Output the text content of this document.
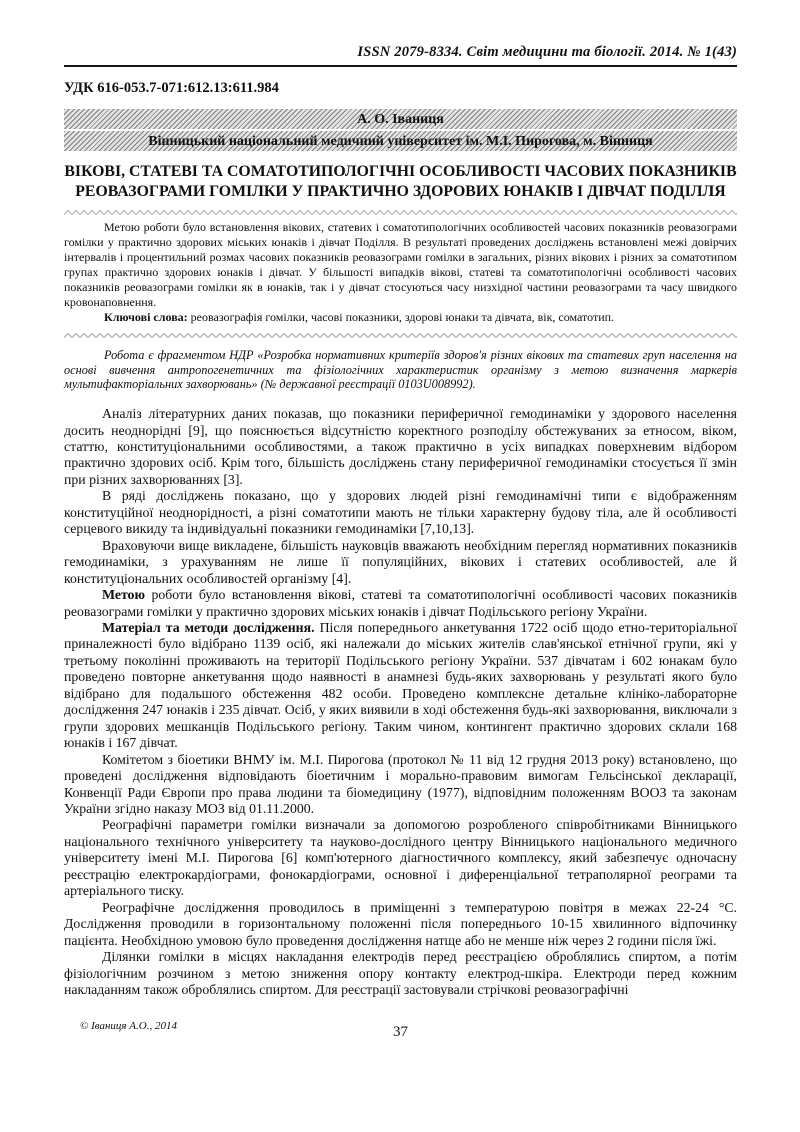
ISSN 2079-8334. Світ медицини та біології. 2014. № 1(43)
УДК 616-053.7-071:612.13:611.984
А. О. Іваниця
Вінницький національний медичний університет ім. М.І. Пирогова, м. Вінниця
ВІКОВІ, СТАТЕВІ ТА СОМАТОТИПОЛОГІЧНІ ОСОБЛИВОСТІ ЧАСОВИХ ПОКАЗНИКІВ РЕОВАЗОГРАМИ ГОМІЛКИ У ПРАКТИЧНО ЗДОРОВИХ ЮНАКІВ І ДІВЧАТ ПОДІЛЛЯ

Метою роботи було встановлення вікових, статевих і соматотипологічних особливостей часових показників реовазограми гомілки у практично здорових міських юнаків і дівчат Поділля. В результаті проведених досліджень встановлені межі довірчих інтервалів і процентильний розмах часових показників реовазограми гомілки в загальних, різних вікових і різних за соматотипом групах практично здорових юнаків і дівчат. У більшості випадків вікові, статеві та соматотипологічні особливості часових показників реовазограми гомілки як в юнаків, так і у дівчат стосуються часу низхідної частини реовазограми та часу швидкого кровонаповнення.

Ключові слова: реовазографія гомілки, часові показники, здорові юнаки та дівчата, вік, соматотип.

Робота є фрагментом НДР «Розробка нормативних критеріїв здоров'я різних вікових та статевих груп населення на основі вивчення антропогенетичних та фізіологічних характеристик організму з метою визначення маркерів мультифакторіальних захворювань» (№ державної реєстрації 0103U008992).

Аналіз літературних даних показав, що показники периферичної гемодинаміки у здорового населення досить неоднорідні [9], що пояснюється відсутністю коректного розподілу обстежуваних за етносом, віком, статтю, конституціональними особливостями, а також практично в усіх випадках поверхневим відбором практично здорових осіб. Крім того, більшість досліджень стану периферичної гемодинаміки стосується її змін при різних захворюваннях [3].

В ряді досліджень показано, що у здорових людей різні гемодинамічні типи є відображенням конституційної неоднорідності, а різні соматотипи мають не тільки характерну будову тіла, але й особливості серцевого викиду та індивідуальні показники гемодинаміки [7,10,13].

Враховуючи вище викладене, більшість науковців вважають необхідним перегляд нормативних показників гемодинаміки, з урахуванням не лише її популяційних, вікових і статевих особливостей, але й конституціональних особливостей організму [4].

Метою роботи було встановлення вікові, статеві та соматотипологічні особливості часових показників реовазограми гомілки у практично здорових міських юнаків і дівчат Подільського регіону України.

Матеріал та методи дослідження. Після попереднього анкетування 1722 осіб щодо етно-територіальної приналежності було відібрано 1139 осіб, які належали до міських жителів слав'янської етнічної групи, які у третьому поколінні проживають на території Подільського регіону України. 537 дівчатам і 602 юнакам було проведено повторне анкетування щодо наявності в анамнезі будь-яких захворювань у результаті якого було відібрано для подальшого обстеження 482 особи. Проведено комплексне детальне клініко-лабораторне дослідження 247 юнаків і 235 дівчат. Осіб, у яких виявили в ході обстеження будь-які захворювання, виключали з групи здорових мешканців Подільського регіону. Таким чином, контингент практично здорових склали 168 юнаків і 167 дівчат.

Комітетом з біоетики ВНМУ ім. М.І. Пирогова (протокол № 11 від 12 грудня 2013 року) встановлено, що проведені дослідження відповідають біоетичним і морально-правовим вимогам Гельсінської декларації, Конвенції Ради Європи про права людини та біомедицину (1977), відповідним положенням ВООЗ та законам України згідно наказу МОЗ від 01.11.2000.

Реографічні параметри гомілки визначали за допомогою розробленого співробітниками Вінницького національного технічного університету та науково-дослідного центру Вінницького національного медичного університету імені М.І. Пирогова [6] комп'ютерного діагностичного комплексу, який забезпечує одночасну реєстрацію електрокардіограми, фонокардіограми, основної і диференціальної тетраполярної реограми та артеріального тиску.

Реографічне дослідження проводилось в приміщенні з температурою повітря в межах 22-24 °С. Дослідження проводили в горизонтальному положенні після попереднього 10-15 хвилинного відпочинку пацієнта. Необхідною умовою було проведення дослідження натще або не менше ніж через 2 години після їжі.

Ділянки гомілки в місцях накладання електродів перед реєстрацією оброблялись спиртом, а потім фізіологічним розчином з метою зниження опору контакту електрод-шкіра. Електроди перед кожним накладанням також оброблялись спиртом. Для реєстрації застовували стрічкові реовазографічні

© Іваниця А.О., 2014	37
